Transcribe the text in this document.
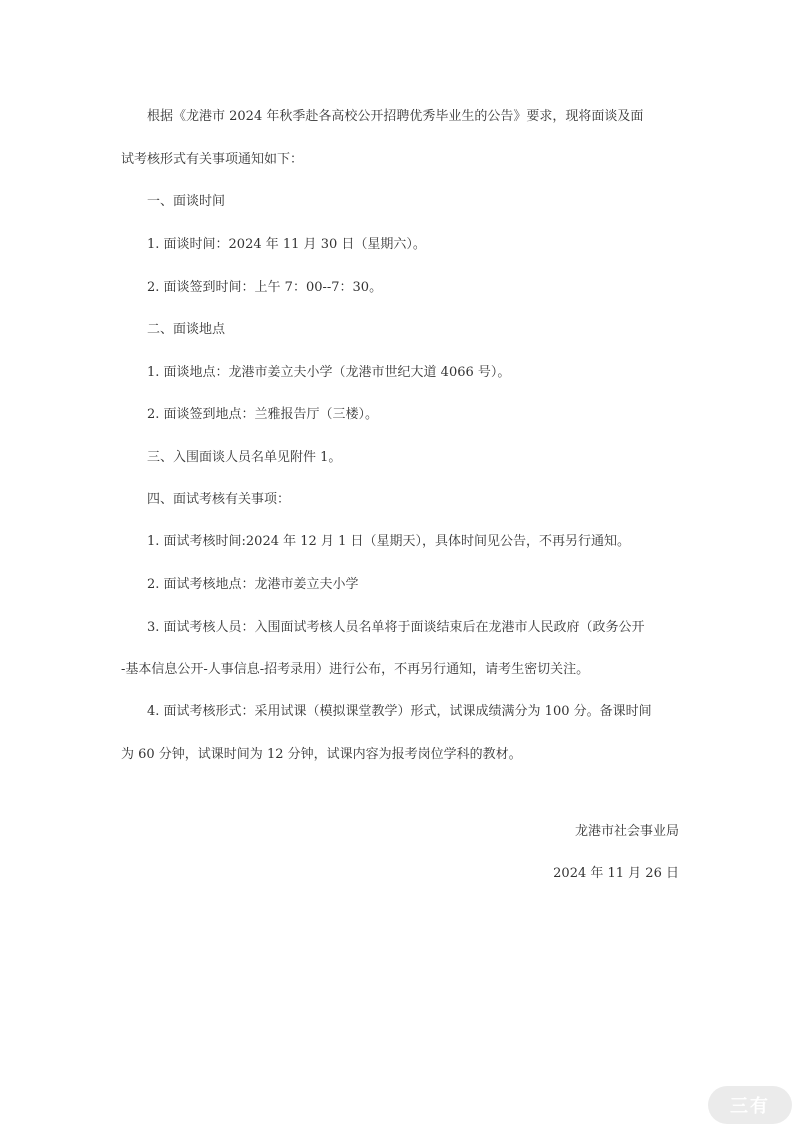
根据《龙港市 2024 年秋季赴各高校公开招聘优秀毕业生的公告》要求，现将面谈及面
试考核形式有关事项通知如下：
一、面谈时间
1. 面谈时间：2024 年 11 月 30 日（星期六）。
2. 面谈签到时间：上午 7：00--7：30。
二、面谈地点
1. 面谈地点：龙港市姜立夫小学（龙港市世纪大道 4066 号）。
2. 面谈签到地点：兰雅报告厅（三楼）。
三、入围面谈人员名单见附件 1。
四、面试考核有关事项：
1. 面试考核时间:2024 年 12 月 1 日（星期天），具体时间见公告，不再另行通知。
2. 面试考核地点：龙港市姜立夫小学
3. 面试考核人员：入围面试考核人员名单将于面谈结束后在龙港市人民政府（政务公开
-基本信息公开-人事信息-招考录用）进行公布，不再另行通知，请考生密切关注。
4. 面试考核形式：采用试课（模拟课堂教学）形式，试课成绩满分为 100 分。备课时间
为 60 分钟，试课时间为 12 分钟，试课内容为报考岗位学科的教材。
龙港市社会事业局
2024 年 11 月 26 日
三有
